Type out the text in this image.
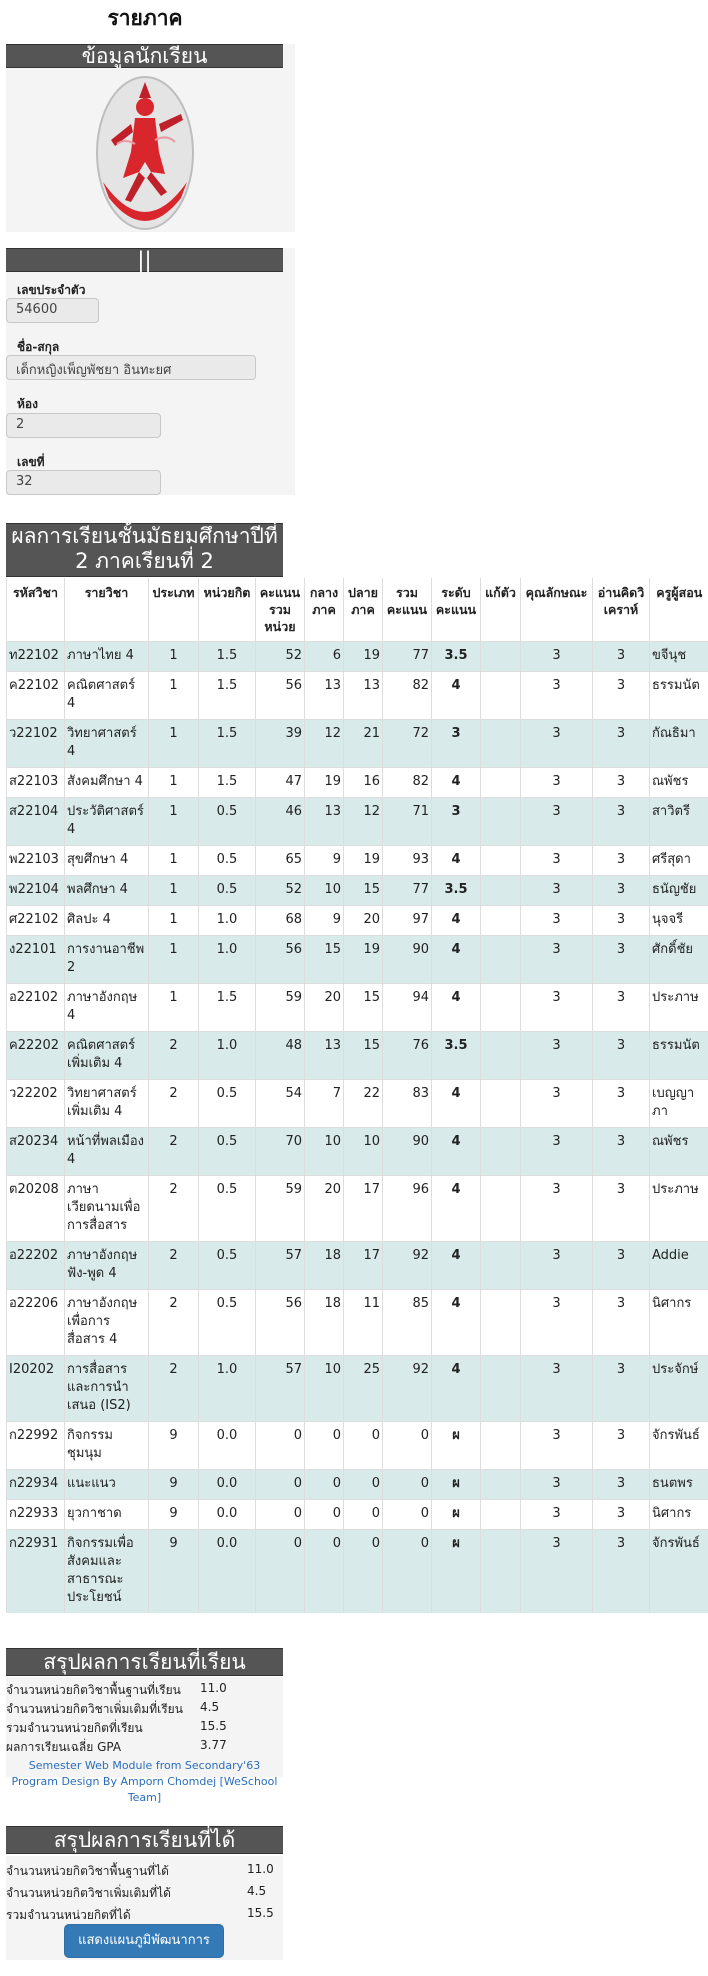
รายภาค
ข้อมูลนักเรียน
||
เลขประจำตัว
54600
ชื่อ-สกุล
เด็กหญิงเพ็ญพัชยา อินทะยศ
ห้อง
2
เลขที่
32
ผลการเรียนชั้นมัธยมศึกษาปีที่ 2 ภาคเรียนที่ 2
รหัสวิชา	รายวิชา	ประเภท	หน่วยกิต	คะแนนรวมหน่วย	กลางภาค	ปลายภาค	รวมคะแนน	ระดับคะแนน	แก้ตัว	คุณลักษณะ	อ่านคิดวิเคราห์	ครูผู้สอน
ท22102	ภาษาไทย 4	1	1.5	52	6	19	77	3.5		3	3	ขจีนุช
ค22102	คณิตศาสตร์ 4	1	1.5	56	13	13	82	4		3	3	ธรรมนัต
ว22102	วิทยาศาสตร์ 4	1	1.5	39	12	21	72	3		3	3	กัณธิมา
ส22103	สังคมศึกษา 4	1	1.5	47	19	16	82	4		3	3	ณพัชร
ส22104	ประวัติศาสตร์ 4	1	0.5	46	13	12	71	3		3	3	สาวิตรี
พ22103	สุขศึกษา 4	1	0.5	65	9	19	93	4		3	3	ศรีสุดา
พ22104	พลศึกษา 4	1	0.5	52	10	15	77	3.5		3	3	ธนัญชัย
ศ22102	ศิลปะ 4	1	1.0	68	9	20	97	4		3	3	นุจจรี
ง22101	การงานอาชีพ 2	1	1.0	56	15	19	90	4		3	3	ศักดิ์ชัย
อ22102	ภาษาอังกฤษ 4	1	1.5	59	20	15	94	4		3	3	ประภาษ
ค22202	คณิตศาสตร์เพิ่มเติม 4	2	1.0	48	13	15	76	3.5		3	3	ธรรมนัต
ว22202	วิทยาศาสตร์เพิ่มเติม 4	2	0.5	54	7	22	83	4		3	3	เบญญาภา
ส20234	หน้าที่พลเมือง 4	2	0.5	70	10	10	90	4		3	3	ณพัชร
ต20208	ภาษาเวียดนามเพื่อการสื่อสาร	2	0.5	59	20	17	96	4		3	3	ประภาษ
อ22202	ภาษาอังกฤษฟัง-พูด 4	2	0.5	57	18	17	92	4		3	3	Addie
อ22206	ภาษาอังกฤษเพื่อการสื่อสาร 4	2	0.5	56	18	11	85	4		3	3	นิศากร
I20202	การสื่อสารและการนำเสนอ (IS2)	2	1.0	57	10	25	92	4		3	3	ประจักษ์
ก22992	กิจกรรมชุมนุม	9	0.0	0	0	0	0	ผ		3	3	จักรพันธ์
ก22934	แนะแนว	9	0.0	0	0	0	0	ผ		3	3	ธนตพร
ก22933	ยุวกาชาด	9	0.0	0	0	0	0	ผ		3	3	นิศากร
ก22931	กิจกรรมเพื่อสังคมและสาธารณะประโยชน์	9	0.0	0	0	0	0	ผ		3	3	จักรพันธ์
สรุปผลการเรียนที่เรียน
จำนวนหน่วยกิตวิชาพื้นฐานที่เรียน 11.0
จำนวนหน่วยกิตวิชาเพิ่มเติมที่เรียน 4.5
รวมจำนวนหน่วยกิตที่เรียน	15.5
ผลการเรียนเฉลี่ย GPA	3.77
Semester Web Module from Secondary'63 Program Design By Amporn Chomdej [WeSchool Team]
สรุปผลการเรียนที่ได้
จำนวนหน่วยกิตวิชาพื้นฐานที่ได้	11.0
จำนวนหน่วยกิตวิชาเพิ่มเติมที่ได้	4.5
รวมจำนวนหน่วยกิตที่ได้	15.5
แสดงแผนภูมิพัฒนาการ
